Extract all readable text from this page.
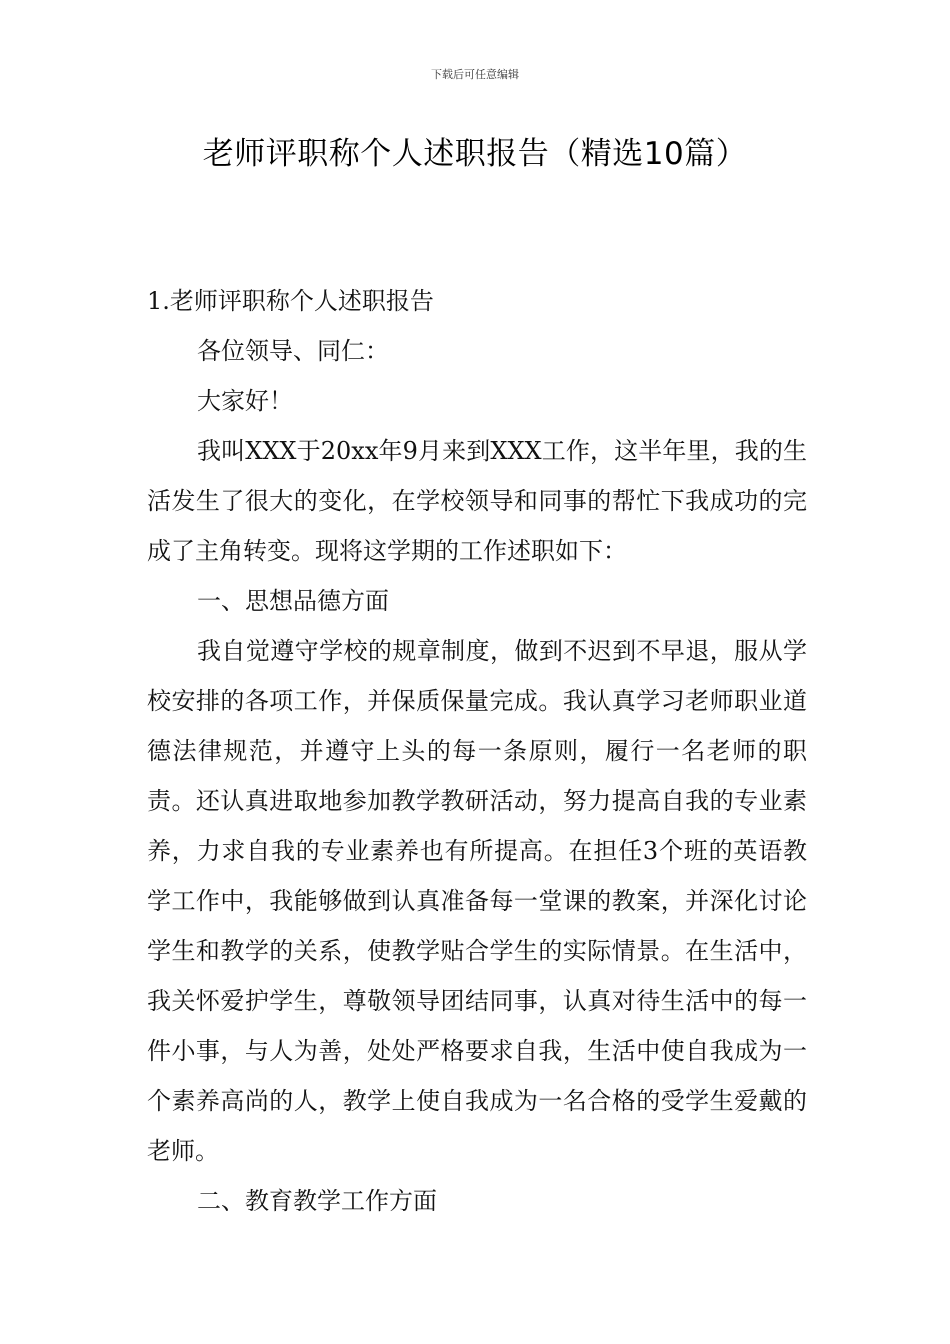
下载后可任意编辑
老师评职称个人述职报告（精选10篇）

1.老师评职称个人述职报告

各位领导、同仁：

大家好！

我叫XXX于20xx年9月来到XXX工作，这半年里，我的生活发生了很大的变化，在学校领导和同事的帮忙下我成功的完成了主角转变。现将这学期的工作述职如下：

一、思想品德方面

我自觉遵守学校的规章制度，做到不迟到不早退，服从学校安排的各项工作，并保质保量完成。我认真学习老师职业道德法律规范，并遵守上头的每一条原则，履行一名老师的职责。还认真进取地参加教学教研活动，努力提高自我的专业素养，力求自我的专业素养也有所提高。在担任3个班的英语教学工作中，我能够做到认真准备每一堂课的教案，并深化讨论学生和教学的关系，使教学贴合学生的实际情景。在生活中，我关怀爱护学生，尊敬领导团结同事，认真对待生活中的每一件小事，与人为善，处处严格要求自我，生活中使自我成为一个素养高尚的人，教学上使自我成为一名合格的受学生爱戴的老师。

二、教育教学工作方面
